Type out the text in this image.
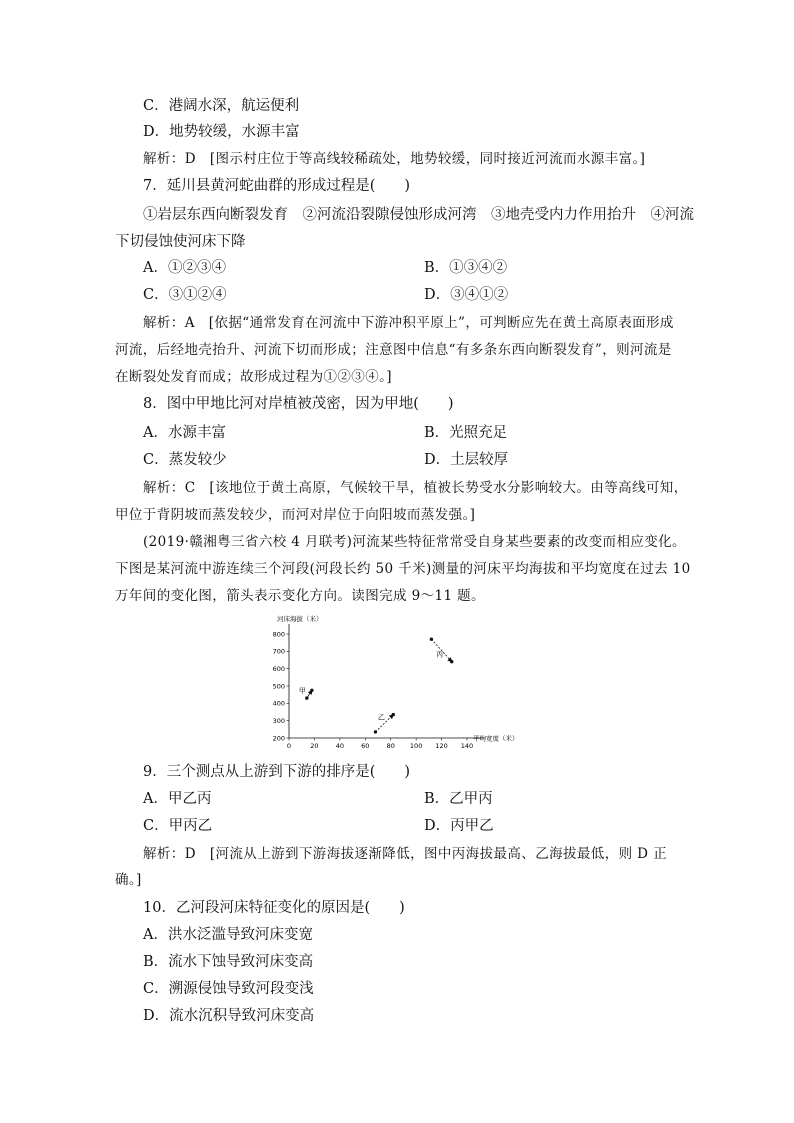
C．港阔水深，航运便利
D．地势较缓，水源丰富
解析：D　[图示村庄位于等高线较稀疏处，地势较缓，同时接近河流而水源丰富。]
7．延川县黄河蛇曲群的形成过程是(　　)
①岩层东西向断裂发育　②河流沿裂隙侵蚀形成河湾　③地壳受内力作用抬升　④河流
下切侵蚀使河床下降
A．①②③④	B．①③④②
C．③①②④	D．③④①②
解析：A　[依据“通常发育在河流中下游冲积平原上”，可判断应先在黄土高原表面形成
河流，后经地壳抬升、河流下切而形成；注意图中信息“有多条东西向断裂发育”，则河流是
在断裂处发育而成；故形成过程为①②③④。]
8．图中甲地比河对岸植被茂密，因为甲地(　　)
A．水源丰富	B．光照充足
C．蒸发较少	D．土层较厚
解析：C　[该地位于黄土高原，气候较干旱，植被长势受水分影响较大。由等高线可知，
甲位于背阴坡而蒸发较少，而河对岸位于向阳坡而蒸发强。]
(2019·赣湘粤三省六校 4 月联考)河流某些特征常常受自身某些要素的改变而相应变化。
下图是某河流中游连续三个河段(河段长约 50 千米)测量的河床平均海拔和平均宽度在过去 10
万年间的变化图，箭头表示变化方向。读图完成 9～11 题。
0	20	40	60	80 100 120 140
200
300
400
500
600
700
800
河床海拔（米）
平均宽度（米）
甲
乙
丙
9．三个测点从上游到下游的排序是(　　)
A．甲乙丙	B．乙甲丙
C．甲丙乙	D．丙甲乙
解析：D　[河流从上游到下游海拔逐渐降低，图中丙海拔最高、乙海拔最低，则 D 正
确。]
10．乙河段河床特征变化的原因是(　　)
A．洪水泛滥导致河床变宽
B．流水下蚀导致河床变高
C．溯源侵蚀导致河段变浅
D．流水沉积导致河床变高
